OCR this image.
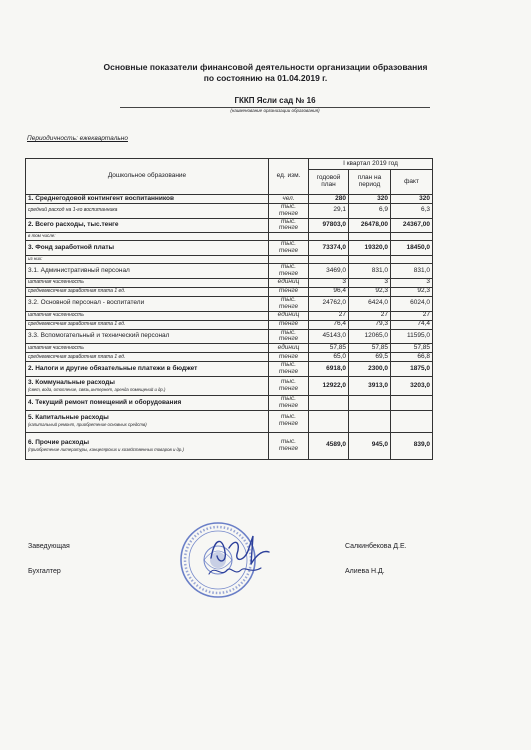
Основные показатели финансовой деятельности организации образования
по состоянию на 01.04.2019 г.
ГККП Ясли сад № 16
(наименование организации образования)
Периодичность: ежеквартально
Дошкольное образование	ед. изм.	I квартал 2019 год		
		годовой план	план на период	факт
1. Среднегодовой контингент воспитанников	чел.	280	320	320
средний расход на 1-го воспитанника	тыс. тенге	29,1	6,9	6,3
2. Всего расходы, тыс.тенге	тыс. тенге	97803,0	26478,00	24367,00
в том числе:				
3. Фонд заработной платы	тыс. тенге	73374,0	19320,0	18450,0
из них:				
3.1. Административный персонал	тыс. тенге	3469,0	831,0	831,0
штатная численность	единиц	3	3	3
среднемесячная заработная плата 1 ед.	тенге	96,4	92,3	92,3
3.2. Основной персонал - воспитатели	тыс. тенге	24762,0	6424,0	6024,0
штатная численность	единиц	27	27	27
среднемесячная заработная плата 1 ед.	тенге	76,4	79,3	74,4
3.3. Вспомогательный и технический персонал	тыс. тенге	45143,0	12065,0	11595,0
штатная численность	единиц	57,85	57,85	57,85
среднемесячная заработная плата 1 ед.	тенге	65,0	69,5	66,8
2. Налоги и другие обязательные платежи в бюджет	тыс. тенге	6918,0	2300,0	1875,0
3. Коммунальные расходы
(свет, вода, отопление, связь,интернет, аренда помещений и др.)	тыс. тенге	12922,0	3913,0	3203,0
4. Текущий ремонт помещений и оборудования	тыс. тенге			
5. Капитальные расходы
(капитальный ремонт, приобретение основных средств)	тыс. тенге			
6. Прочие расходы
(приобретение литературы, канцелярских и хозяйственных товаров и др.)	тыс. тенге	4589,0	945,0	839,0
Заведующая	Салкинбекова Д.Е.
Бухгалтер	Алиева Н.Д.
